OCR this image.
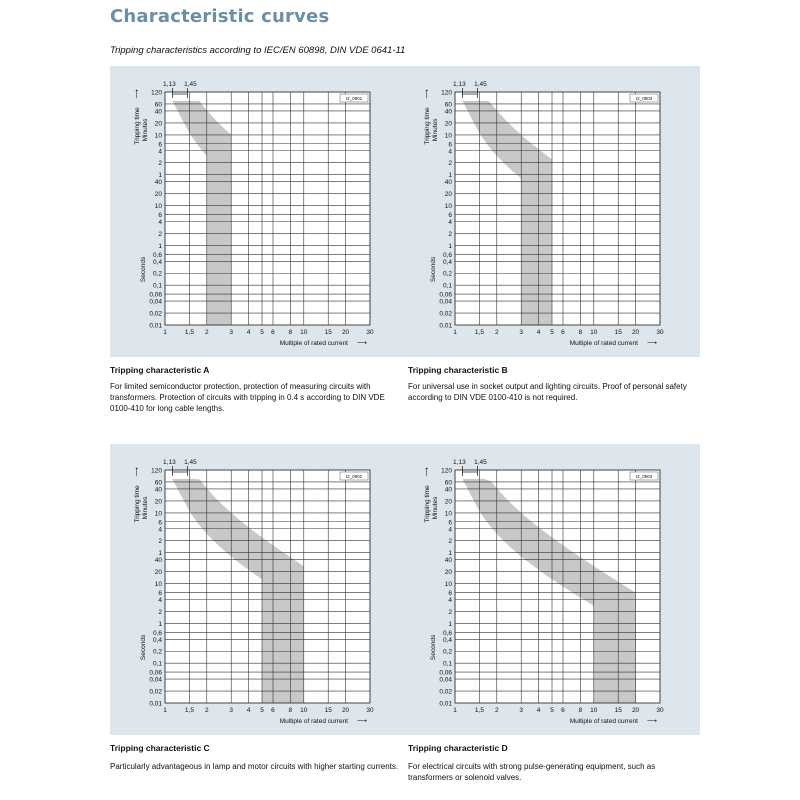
Characteristic curves
Tripping characteristics according to IEC/EN 60898, DIN VDE 0641-11
120
60
40
20
10
6
4
2
1
40
20
10
6
4
2
1
0,6
0,4
0,2
0,1
0,06
0,04
0,02
0,01
1	1,5 2	3 4 5 6 8 10	15 20	30
1,13 1,45
I2_0901
Tripping time
⟶
Minutes
Seconds
Multiple of rated current ⟶
120
60
40
20
10
6
4
2
1
40
20
10
6
4
2
1
0,6
0,4
0,2
0,1
0,06
0,04
0,02
0,01
1	1,5 2	3 4 5 6 8 10	15 20	30
1,13 1,45
I2_0903
Tripping time
⟶
Minutes
Seconds
Multiple of rated current ⟶
120
60
40
20
10
6
4
2
1
40
20
10
6
4
2
1
0,6
0,4
0,2
0,1
0,06
0,04
0,02
0,01
1	1,5 2	3 4 5 6 8 10	15 20	30
1,13 1,45
I2_0902
Tripping time
⟶
Minutes
Seconds
Multiple of rated current ⟶
120
60
40
20
10
6
4
2
1
40
20
10
6
4
2
1
0,6
0,4
0,2
0,1
0,06
0,04
0,02
0,01
1	1,5 2	3 4 5 6 8 10	15 20	30
1,13 1,45
I2_0904
Tripping time
⟶
Minutes
Seconds
Multiple of rated current ⟶
Tripping characteristic A
For limited semiconductor protection, protection of measuring circuits with transformers. Protection of circuits with tripping in 0.4 s according to DIN VDE 0100-410 for long cable lengths.
Tripping characteristic B
For universal use in socket output and lighting circuits. Proof of personal safety according to DIN VDE 0100-410 is not required.
Tripping characteristic C
Particularly advantageous in lamp and motor circuits with higher starting currents.
Tripping characteristic D
For electrical circuits with strong pulse-generating equipment, such as transformers or solenoid valves.
